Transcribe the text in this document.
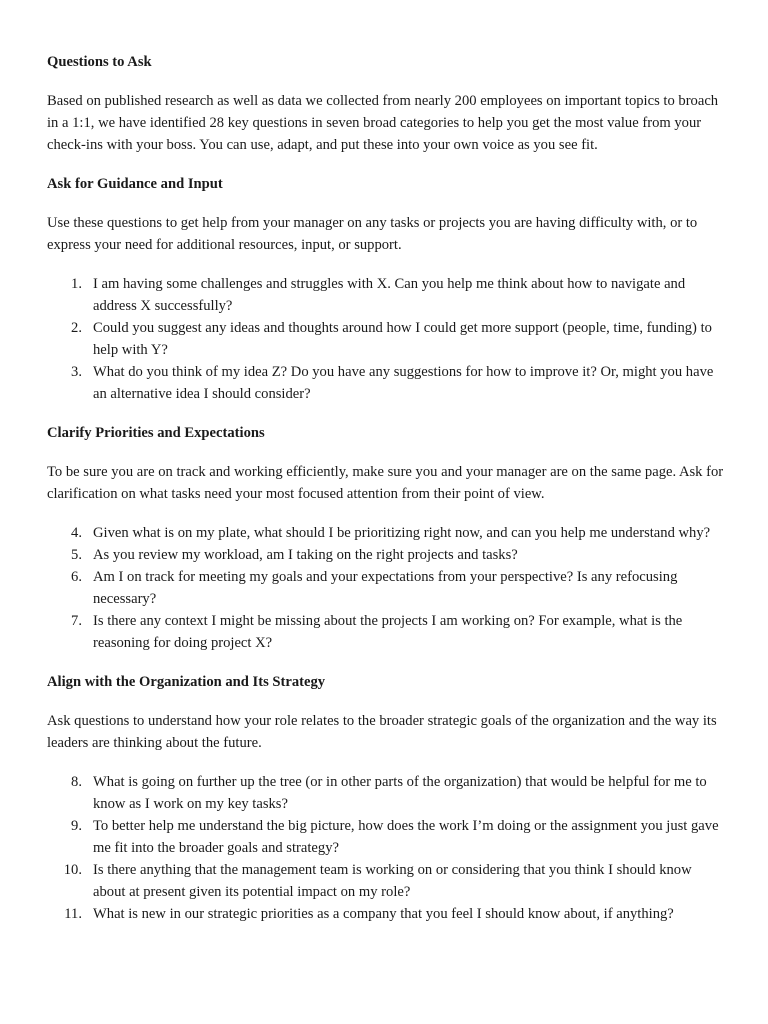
Questions to Ask

Based on published research as well as data we collected from nearly 200 employees on important topics to broach in a 1:1, we have identified 28 key questions in seven broad categories to help you get the most value from your check-ins with your boss. You can use, adapt, and put these into your own voice as you see fit.

Ask for Guidance and Input

Use these questions to get help from your manager on any tasks or projects you are having difficulty with, or to express your need for additional resources, input, or support.

1. I am having some challenges and struggles with X. Can you help me think about how to navigate and address X successfully?
2. Could you suggest any ideas and thoughts around how I could get more support (people, time, funding) to help with Y?
3. What do you think of my idea Z? Do you have any suggestions for how to improve it? Or, might you have an alternative idea I should consider?
Clarify Priorities and Expectations

To be sure you are on track and working efficiently, make sure you and your manager are on the same page. Ask for clarification on what tasks need your most focused attention from their point of view.

4. Given what is on my plate, what should I be prioritizing right now, and can you help me understand why?
5. As you review my workload, am I taking on the right projects and tasks?
6. Am I on track for meeting my goals and your expectations from your perspective? Is any refocusing necessary?
7. Is there any context I might be missing about the projects I am working on? For example, what is the reasoning for doing project X?
Align with the Organization and Its Strategy

Ask questions to understand how your role relates to the broader strategic goals of the organization and the way its leaders are thinking about the future.

8. What is going on further up the tree (or in other parts of the organization) that would be helpful for me to know as I work on my key tasks?
9. To better help me understand the big picture, how does the work I’m doing or the assignment you just gave me fit into the broader goals and strategy?
10. Is there anything that the management team is working on or considering that you think I should know about at present given its potential impact on my role?
11. What is new in our strategic priorities as a company that you feel I should know about, if anything?
